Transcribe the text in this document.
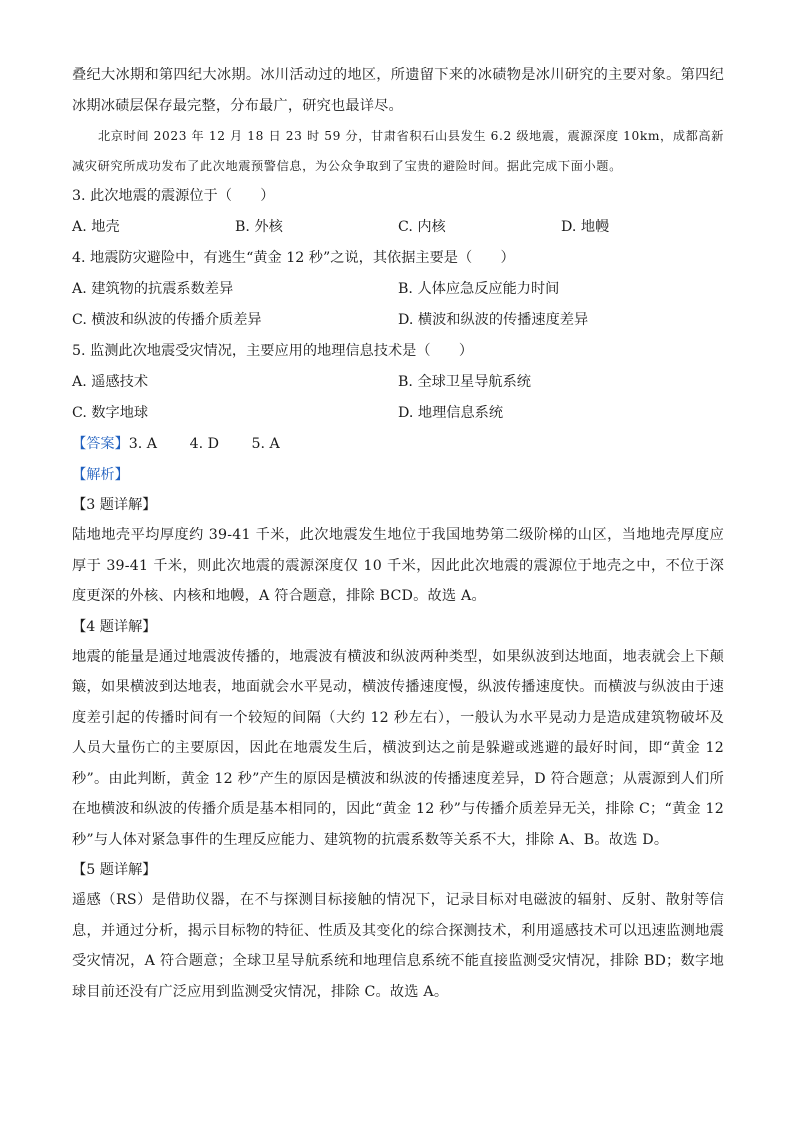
叠纪大冰期和第四纪大冰期。冰川活动过的地区，所遗留下来的冰碛物是冰川研究的主要对象。第四纪冰期冰碛层保存最完整，分布最广，研究也最详尽。

北京时间 2023 年 12 月 18 日 23 时 59 分，甘肃省积石山县发生 6.2 级地震，震源深度 10km，成都高新减灾研究所成功发布了此次地震预警信息，为公众争取到了宝贵的避险时间。据此完成下面小题。

3. 此次地震的震源位于（　　）

A. 地壳	B. 外核	C. 内核	D. 地幔

4. 地震防灾避险中，有逃生“黄金 12 秒”之说，其依据主要是（　　）

A. 建筑物的抗震系数差异	B. 人体应急反应能力时间
C. 横波和纵波的传播介质差异	D. 横波和纵波的传播速度差异

5. 监测此次地震受灾情况，主要应用的地理信息技术是（　　）

A. 遥感技术	B. 全球卫星导航系统
C. 数字地球	D. 地理信息系统
【答案】 3. A 4. D 5. A

【解析】

【3 题详解】

陆地地壳平均厚度约 39-41 千米，此次地震发生地位于我国地势第二级阶梯的山区，当地地壳厚度应厚于 39-41 千米，则此次地震的震源深度仅 10 千米，因此此次地震的震源位于地壳之中，不位于深度更深的外核、内核和地幔，A 符合题意，排除 BCD。故选 A。

【4 题详解】

地震的能量是通过地震波传播的，地震波有横波和纵波两种类型，如果纵波到达地面，地表就会上下颠簸，如果横波到达地表，地面就会水平晃动，横波传播速度慢，纵波传播速度快。而横波与纵波由于速度差引起的传播时间有一个较短的间隔（大约 12 秒左右），一般认为水平晃动力是造成建筑物破坏及人员大量伤亡的主要原因，因此在地震发生后，横波到达之前是躲避或逃避的最好时间，即“黄金 12 秒”。由此判断，黄金 12 秒”产生的原因是横波和纵波的传播速度差异，D 符合题意；从震源到人们所在地横波和纵波的传播介质是基本相同的，因此“黄金 12 秒”与传播介质差异无关，排除 C；“黄金 12 秒”与人体对紧急事件的生理反应能力、建筑物的抗震系数等关系不大，排除 A、B。故选 D。

【5 题详解】

遥感（RS）是借助仪器，在不与探测目标接触的情况下，记录目标对电磁波的辐射、反射、散射等信息，并通过分析，揭示目标物的特征、性质及其变化的综合探测技术，利用遥感技术可以迅速监测地震受灾情况，A 符合题意；全球卫星导航系统和地理信息系统不能直接监测受灾情况，排除 BD；数字地球目前还没有广泛应用到监测受灾情况，排除 C。故选 A。
